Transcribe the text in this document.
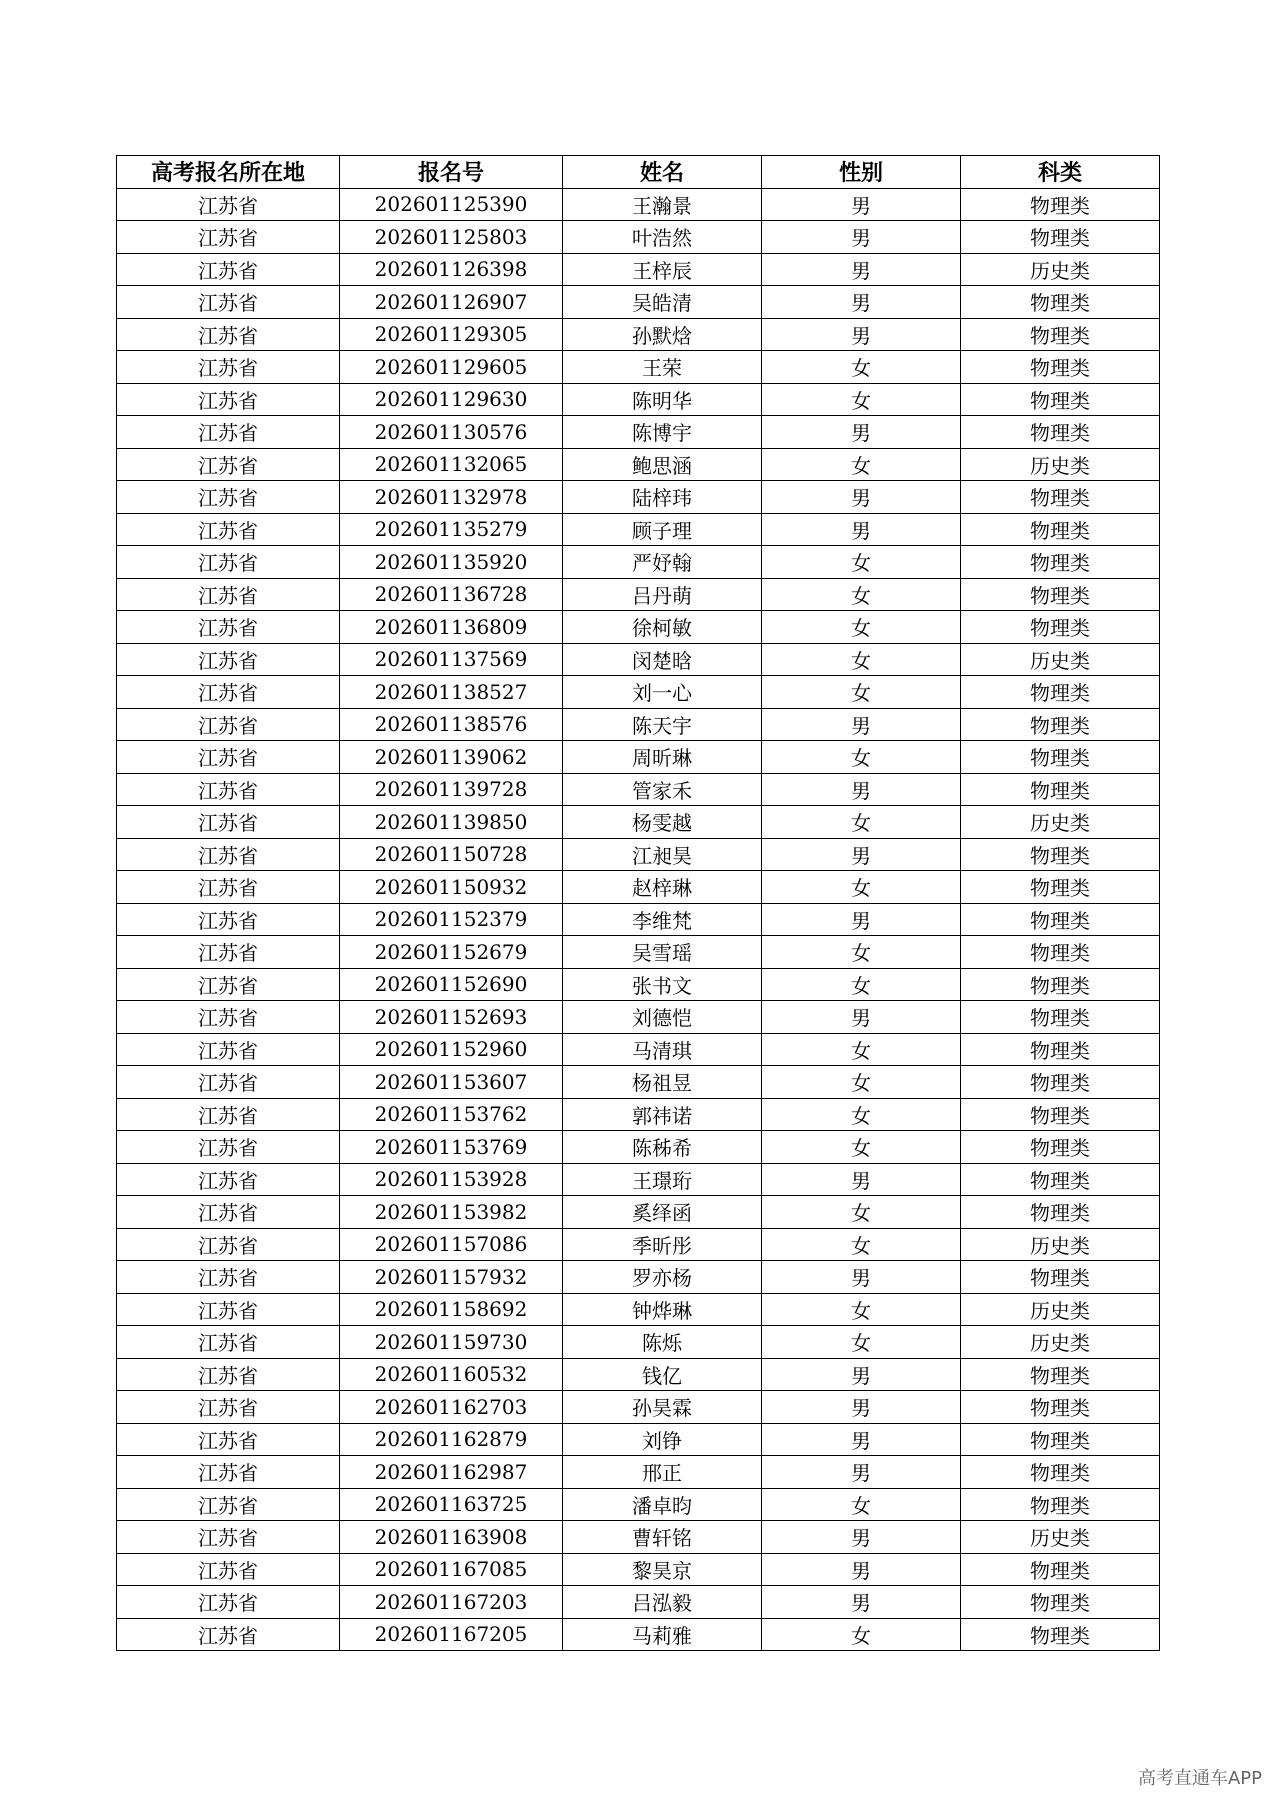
高考报名所在地	报名号	姓名	性别	科类
江苏省	202601125390	王瀚景	男	物理类
江苏省	202601125803	叶浩然	男	物理类
江苏省	202601126398	王梓辰	男	历史类
江苏省	202601126907	吴皓清	男	物理类
江苏省	202601129305	孙默焓	男	物理类
江苏省	202601129605	王荣	女	物理类
江苏省	202601129630	陈明华	女	物理类
江苏省	202601130576	陈博宇	男	物理类
江苏省	202601132065	鲍思涵	女	历史类
江苏省	202601132978	陆梓玮	男	物理类
江苏省	202601135279	顾子理	男	物理类
江苏省	202601135920	严妤翰	女	物理类
江苏省	202601136728	吕丹萌	女	物理类
江苏省	202601136809	徐柯敏	女	物理类
江苏省	202601137569	闵楚晗	女	历史类
江苏省	202601138527	刘一心	女	物理类
江苏省	202601138576	陈天宇	男	物理类
江苏省	202601139062	周昕琳	女	物理类
江苏省	202601139728	管家禾	男	物理类
江苏省	202601139850	杨雯越	女	历史类
江苏省	202601150728	江昶昊	男	物理类
江苏省	202601150932	赵梓琳	女	物理类
江苏省	202601152379	李维梵	男	物理类
江苏省	202601152679	吴雪瑶	女	物理类
江苏省	202601152690	张书文	女	物理类
江苏省	202601152693	刘德恺	男	物理类
江苏省	202601152960	马清琪	女	物理类
江苏省	202601153607	杨祖昱	女	物理类
江苏省	202601153762	郭祎诺	女	物理类
江苏省	202601153769	陈秭希	女	物理类
江苏省	202601153928	王璟珩	男	物理类
江苏省	202601153982	奚绎函	女	物理类
江苏省	202601157086	季昕彤	女	历史类
江苏省	202601157932	罗亦杨	男	物理类
江苏省	202601158692	钟烨琳	女	历史类
江苏省	202601159730	陈烁	女	历史类
江苏省	202601160532	钱亿	男	物理类
江苏省	202601162703	孙昊霖	男	物理类
江苏省	202601162879	刘铮	男	物理类
江苏省	202601162987	邢正	男	物理类
江苏省	202601163725	潘卓昀	女	物理类
江苏省	202601163908	曹轩铭	男	历史类
江苏省	202601167085	黎昊京	男	物理类
江苏省	202601167203	吕泓毅	男	物理类
江苏省	202601167205	马莉雅	女	物理类
高考直通车APP
